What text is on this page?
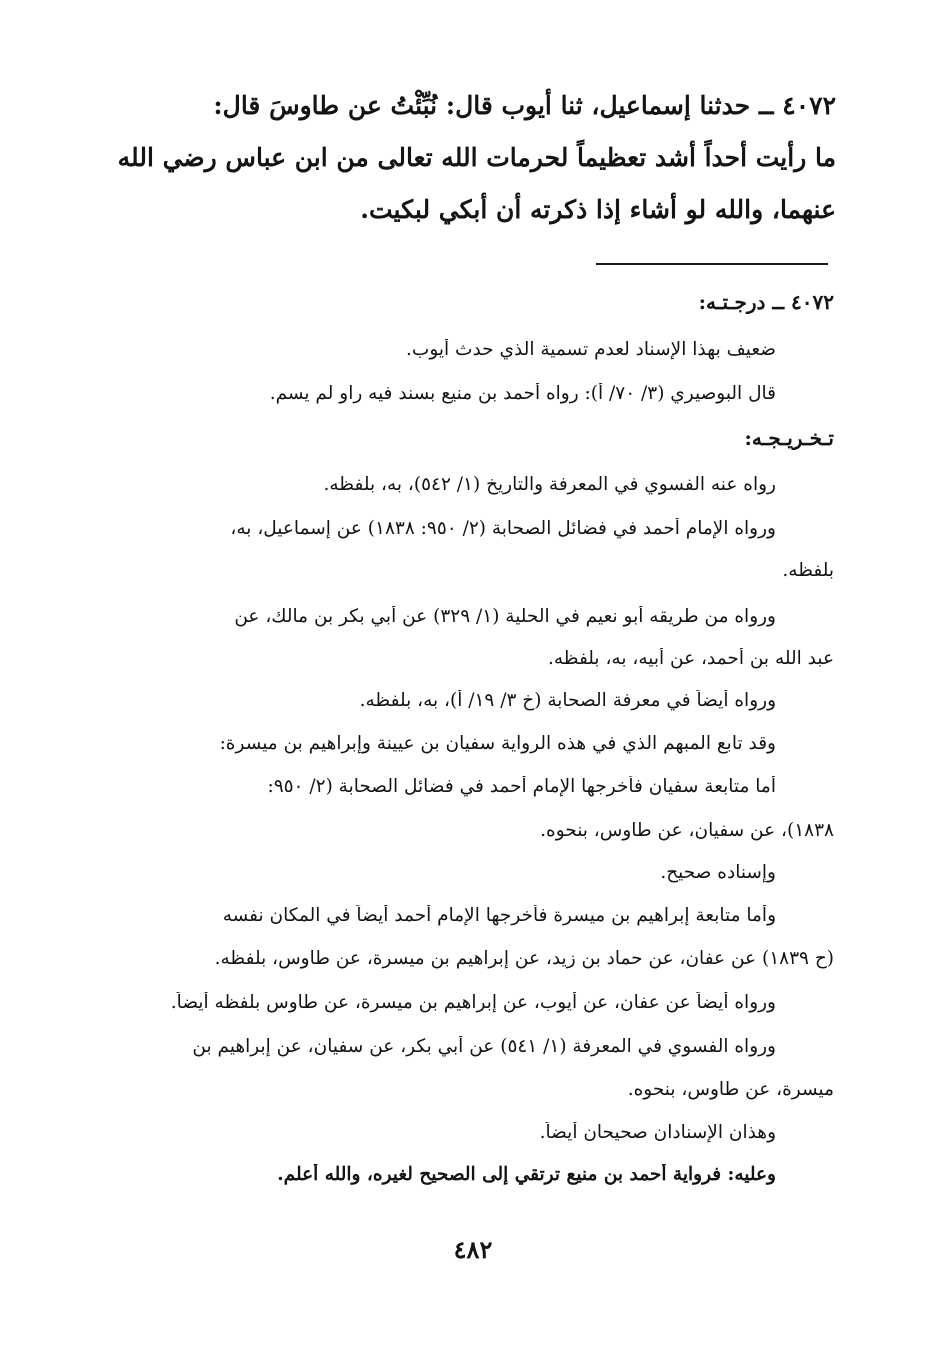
٤٠٧٢ ــ حدثنا إسماعيل، ثنا أيوب قال: نُبِّئْتُ عن طاوسَ قال:
ما رأيت أحداً أشد تعظيماً لحرمات الله تعالى من ابن عباس رضي الله
عنهما، والله لو أشاء إذا ذكرته أن أبكي لبكيت.
٤٠٧٢ ــ درجـتـه:
ضعيف بهذا الإسناد لعدم تسمية الذي حدث أيوب.
قال البوصيري (٣/ ٧٠/ أ): رواه أحمد بن منيع بسند فيه راوٍ لم يسم.
تـخـريـجـه:
رواه عنه الفسوي في المعرفة والتاريخ (١/ ٥٤٢)، به، بلفظه.
ورواه الإمام أحمد في فضائل الصحابة (٢/ ٩٥٠: ١٨٣٨) عن إسماعيل، به،
بلفظه.
ورواه من طريقه أبو نعيم في الحلية (١/ ٣٢٩) عن أبي بكر بن مالك، عن
عبد الله بن أحمد، عن أبيه، به، بلفظه.
ورواه أيضاً في معرفة الصحابة (خ ٣/ ١٩/ أ)، به، بلفظه.
وقد تابع المبهم الذي في هذه الرواية سفيان بن عيينة وإبراهيم بن ميسرة:
أما متابعة سفيان فأخرجها الإمام أحمد في فضائل الصحابة (٢/ ٩٥٠:
١٨٣٨)، عن سفيان، عن طاوس، بنحوه.
وإسناده صحيح.
وأما متابعة إبراهيم بن ميسرة فأخرجها الإمام أحمد أيضاً في المكان نفسه
(ح ١٨٣٩) عن عفان، عن حماد بن زيد، عن إبراهيم بن ميسرة، عن طاوس، بلفظه.
ورواه أيضاً عن عفان، عن أيوب، عن إبراهيم بن ميسرة، عن طاوس بلفظه أيضاً.
ورواه الفسوي في المعرفة (١/ ٥٤١) عن أبي بكر، عن سفيان، عن إبراهيم بن
ميسرة، عن طاوس، بنحوه.
وهذان الإسنادان صحيحان أيضاً.
وعليه: فرواية أحمد بن منيع ترتقي إلى الصحيح لغيره، والله أعلم.
٤٨٢
